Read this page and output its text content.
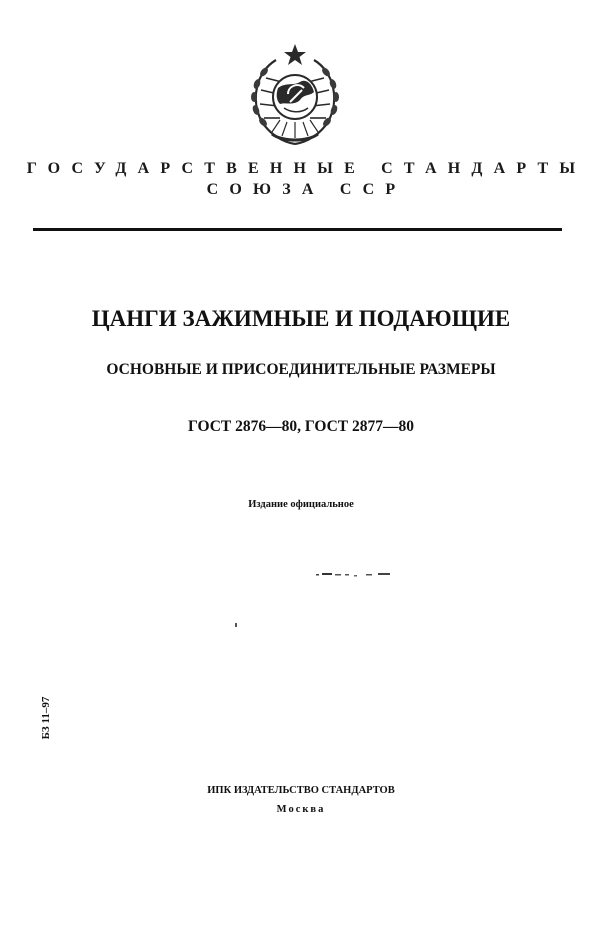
ГОСУДАРСТВЕННЫЕ СТАНДАРТЫ
СОЮЗА ССР
ЦАНГИ ЗАЖИМНЫЕ И ПОДАЮЩИЕ
ОСНОВНЫЕ И ПРИСОЕДИНИТЕЛЬНЫЕ РАЗМЕРЫ
ГОСТ 2876—80, ГОСТ 2877—80
Издание официальное
БЗ 11–97
ИПК ИЗДАТЕЛЬСТВО СТАНДАРТОВ
Москва
